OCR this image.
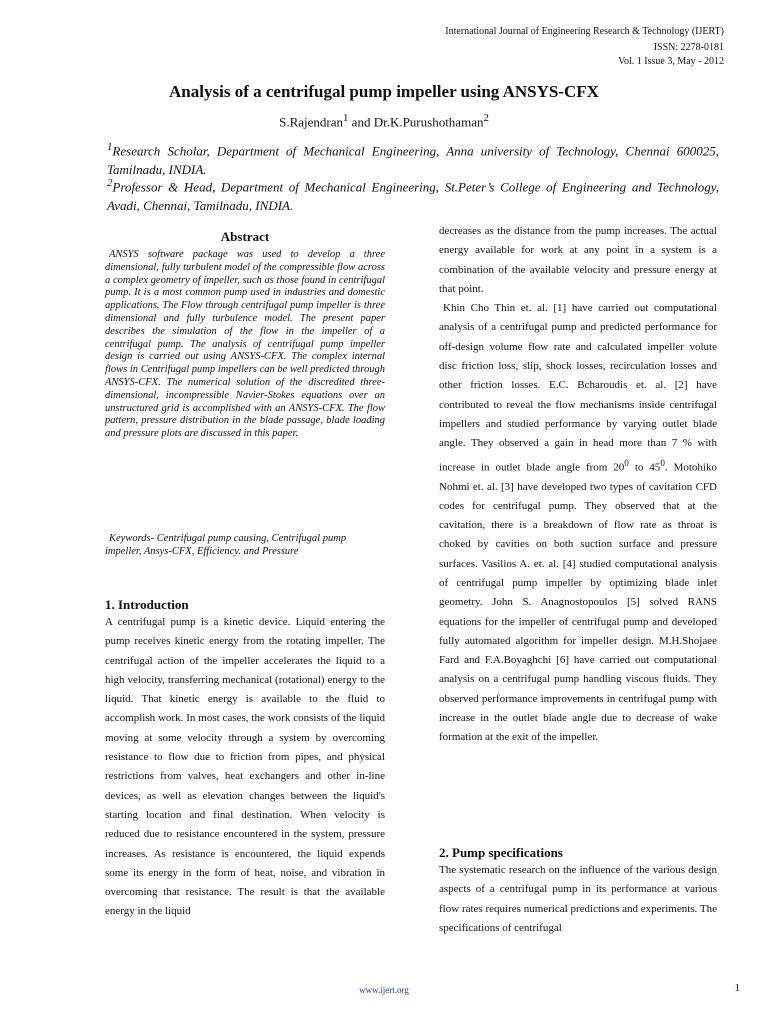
International Journal of Engineering Research & Technology (IJERT)
ISSN: 2278-0181
Vol. 1 Issue 3, May - 2012
Analysis of a centrifugal pump impeller using ANSYS-CFX
S.Rajendran$^1$ and Dr.K.Purushothaman$^2$
$^1$Research Scholar, Department of Mechanical Engineering, Anna university of Technology, Chennai 600025, Tamilnadu, INDIA.
$^2$Professor & Head, Department of Mechanical Engineering, St.Peter’s College of Engineering and Technology, Avadi, Chennai, Tamilnadu, INDIA.
Abstract

ANSYS software package was used to develop a three dimensional, fully turbulent model of the compressible flow across a complex geometry of impeller, such as those found in centrifugal pump. It is a most common pump used in industries and domestic applications. The Flow through centrifugal pump impeller is three dimensional and fully turbulence model. The present paper describes the simulation of the flow in the impeller of a centrifugal pump. The analysis of centrifugal pump impeller design is carried out using ANSYS-CFX. The complex internal flows in Centrifugal pump impellers can be well predicted through ANSYS-CFX. The numerical solution of the discredited three-dimensional, incompressible Navier-Stokes equations over an unstructured grid is accomplished with an ANSYS-CFX. The flow pattern, pressure distribution in the blade passage, blade loading and pressure plots are discussed in this paper.

Keywords- Centrifugal pump causing, Centrifugal pump impeller, Ansys-CFX, Efficiency. and Pressure

1. Introduction

A centrifugal pump is a kinetic device. Liquid entering the pump receives kinetic energy from the rotating impeller. The centrifugal action of the impeller accelerates the liquid to a high velocity, transferring mechanical (rotational) energy to the liquid. That kinetic energy is available to the fluid to accomplish work. In most cases, the work consists of the liquid moving at some velocity through a system by overcoming resistance to flow due to friction from pipes, and physical restrictions from valves, heat exchangers and other in-line devices, as well as elevation changes between the liquid's starting location and final destination. When velocity is reduced due to resistance encountered in the system, pressure increases. As resistance is encountered, the liquid expends some its energy in the form of heat, noise, and vibration in overcoming that resistance. The result is that the available energy in the liquid

decreases as the distance from the pump increases. The actual energy available for work at any point in a system is a combination of the available velocity and pressure energy at that point.

Khin Cho Thin et. al. [1] have carried out computational analysis of a centrifugal pump and predicted performance for off-design volume flow rate and calculated impeller volute disc friction loss, slip, shock losses, recirculation losses and other friction losses. E.C. Bcharoudis et. al. [2] have contributed to reveal the flow mechanisms inside centrifugal impellers and studied performance by varying outlet blade angle. They observed a gain in head more than 7 % with increase in outlet blade angle from $20^0$ to $45^0$. Motohiko Nohmi et. al. [3] have developed two types of cavitation CFD codes for centrifugal pump. They observed that at the cavitation, there is a breakdown of flow rate as throat is choked by cavities on both suction surface and pressure surfaces. Vasilios A. et. al. [4] studied computational analysis of centrifugal pump impeller by optimizing blade inlet geometry. John S. Anagnostopoulos [5] solved RANS equations for the impeller of centrifugal pump and developed fully automated algorithm for impeller design. M.H.Shojaee Fard and F.A.Boyaghchi [6] have carried out computational analysis on a centrifugal pump handling viscous fluids. They observed performance improvements in centrifugal pump with increase in the outlet blade angle due to decrease of wake formation at the exit of the impeller.

2. Pump specifications

The systematic research on the influence of the various design aspects of a centrifugal pump in its performance at various flow rates requires numerical predictions and experiments. The specifications of centrifugal

www.ijert.org	1
